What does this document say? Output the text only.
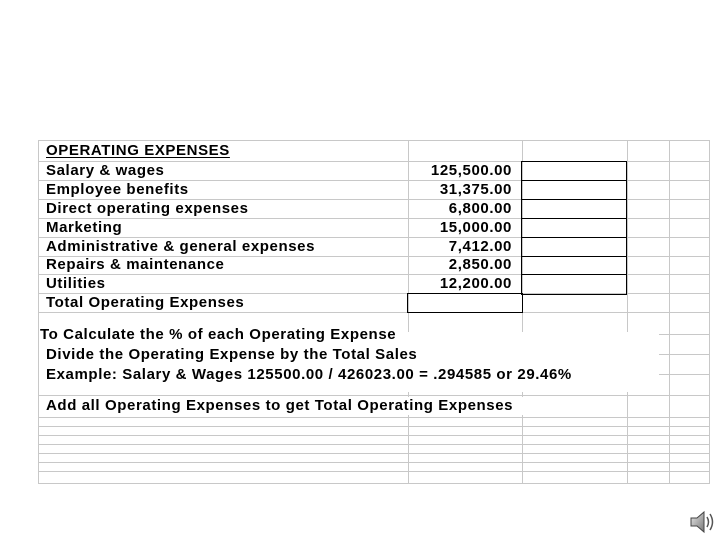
OPERATING EXPENSES
Salary & wages	125,500.00
Employee benefits	31,375.00
Direct operating expenses	6,800.00
Marketing	15,000.00
Administrative & general expenses	7,412.00
Repairs & maintenance	2,850.00
Utilities	12,200.00
Total Operating Expenses
To Calculate the % of each Operating Expense
Divide the Operating Expense by the Total Sales
Example: Salary & Wages 125500.00 / 426023.00 = .294585 or 29.46%
Add all Operating Expenses to get Total Operating Expenses
